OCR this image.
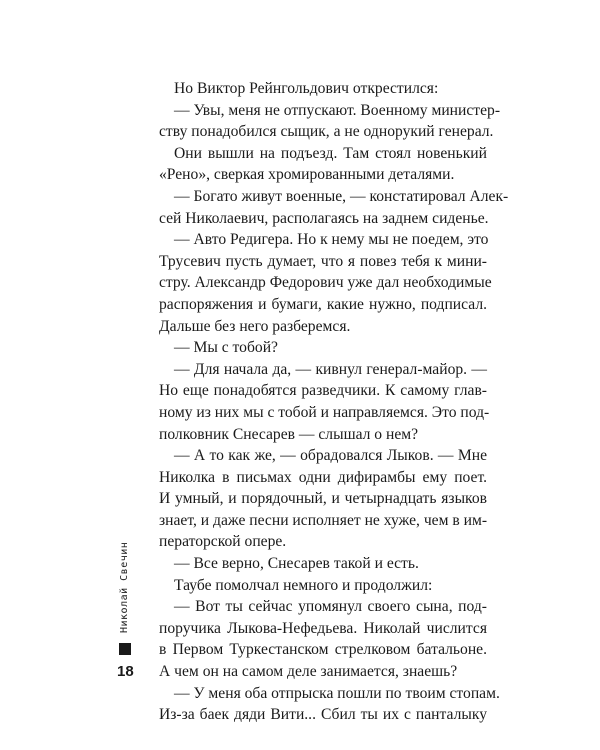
Но Виктор Рейнгольдович открестился:
— Увы, меня не отпускают. Военному министер-
ству понадобился сыщик, а не однорукий генерал.
Они вышли на подъезд. Там стоял новенький
«Рено», сверкая хромированными деталями.
— Богато живут военные, — констатировал Алек-
сей Николаевич, располагаясь на заднем сиденье.
— Авто Редигера. Но к нему мы не поедем, это
Трусевич пусть думает, что я повез тебя к мини-
стру. Александр Федорович уже дал необходимые
распоряжения и бумаги, какие нужно, подписал.
Дальше без него разберемся.
— Мы с тобой?
— Для начала да, — кивнул генерал-майор. —
Но еще понадобятся разведчики. К самому глав-
ному из них мы с тобой и направляемся. Это под-
полковник Снесарев — слышал о нем?
— А то как же, — обрадовался Лыков. — Мне
Николка в письмах одни дифирамбы ему поет.
И умный, и порядочный, и четырнадцать языков
знает, и даже песни исполняет не хуже, чем в им-
ператорской опере.
— Все верно, Снесарев такой и есть.
Таубе помолчал немного и продолжил:
— Вот ты сейчас упомянул своего сына, под-
поручика Лыкова-Нефедьева. Николай числится
в Первом Туркестанском стрелковом батальоне.
А чем он на самом деле занимается, знаешь?
— У меня оба отпрыска пошли по твоим стопам.
Из-за баек дяди Вити... Сбил ты их с панталыку
Николай Свечин
18
